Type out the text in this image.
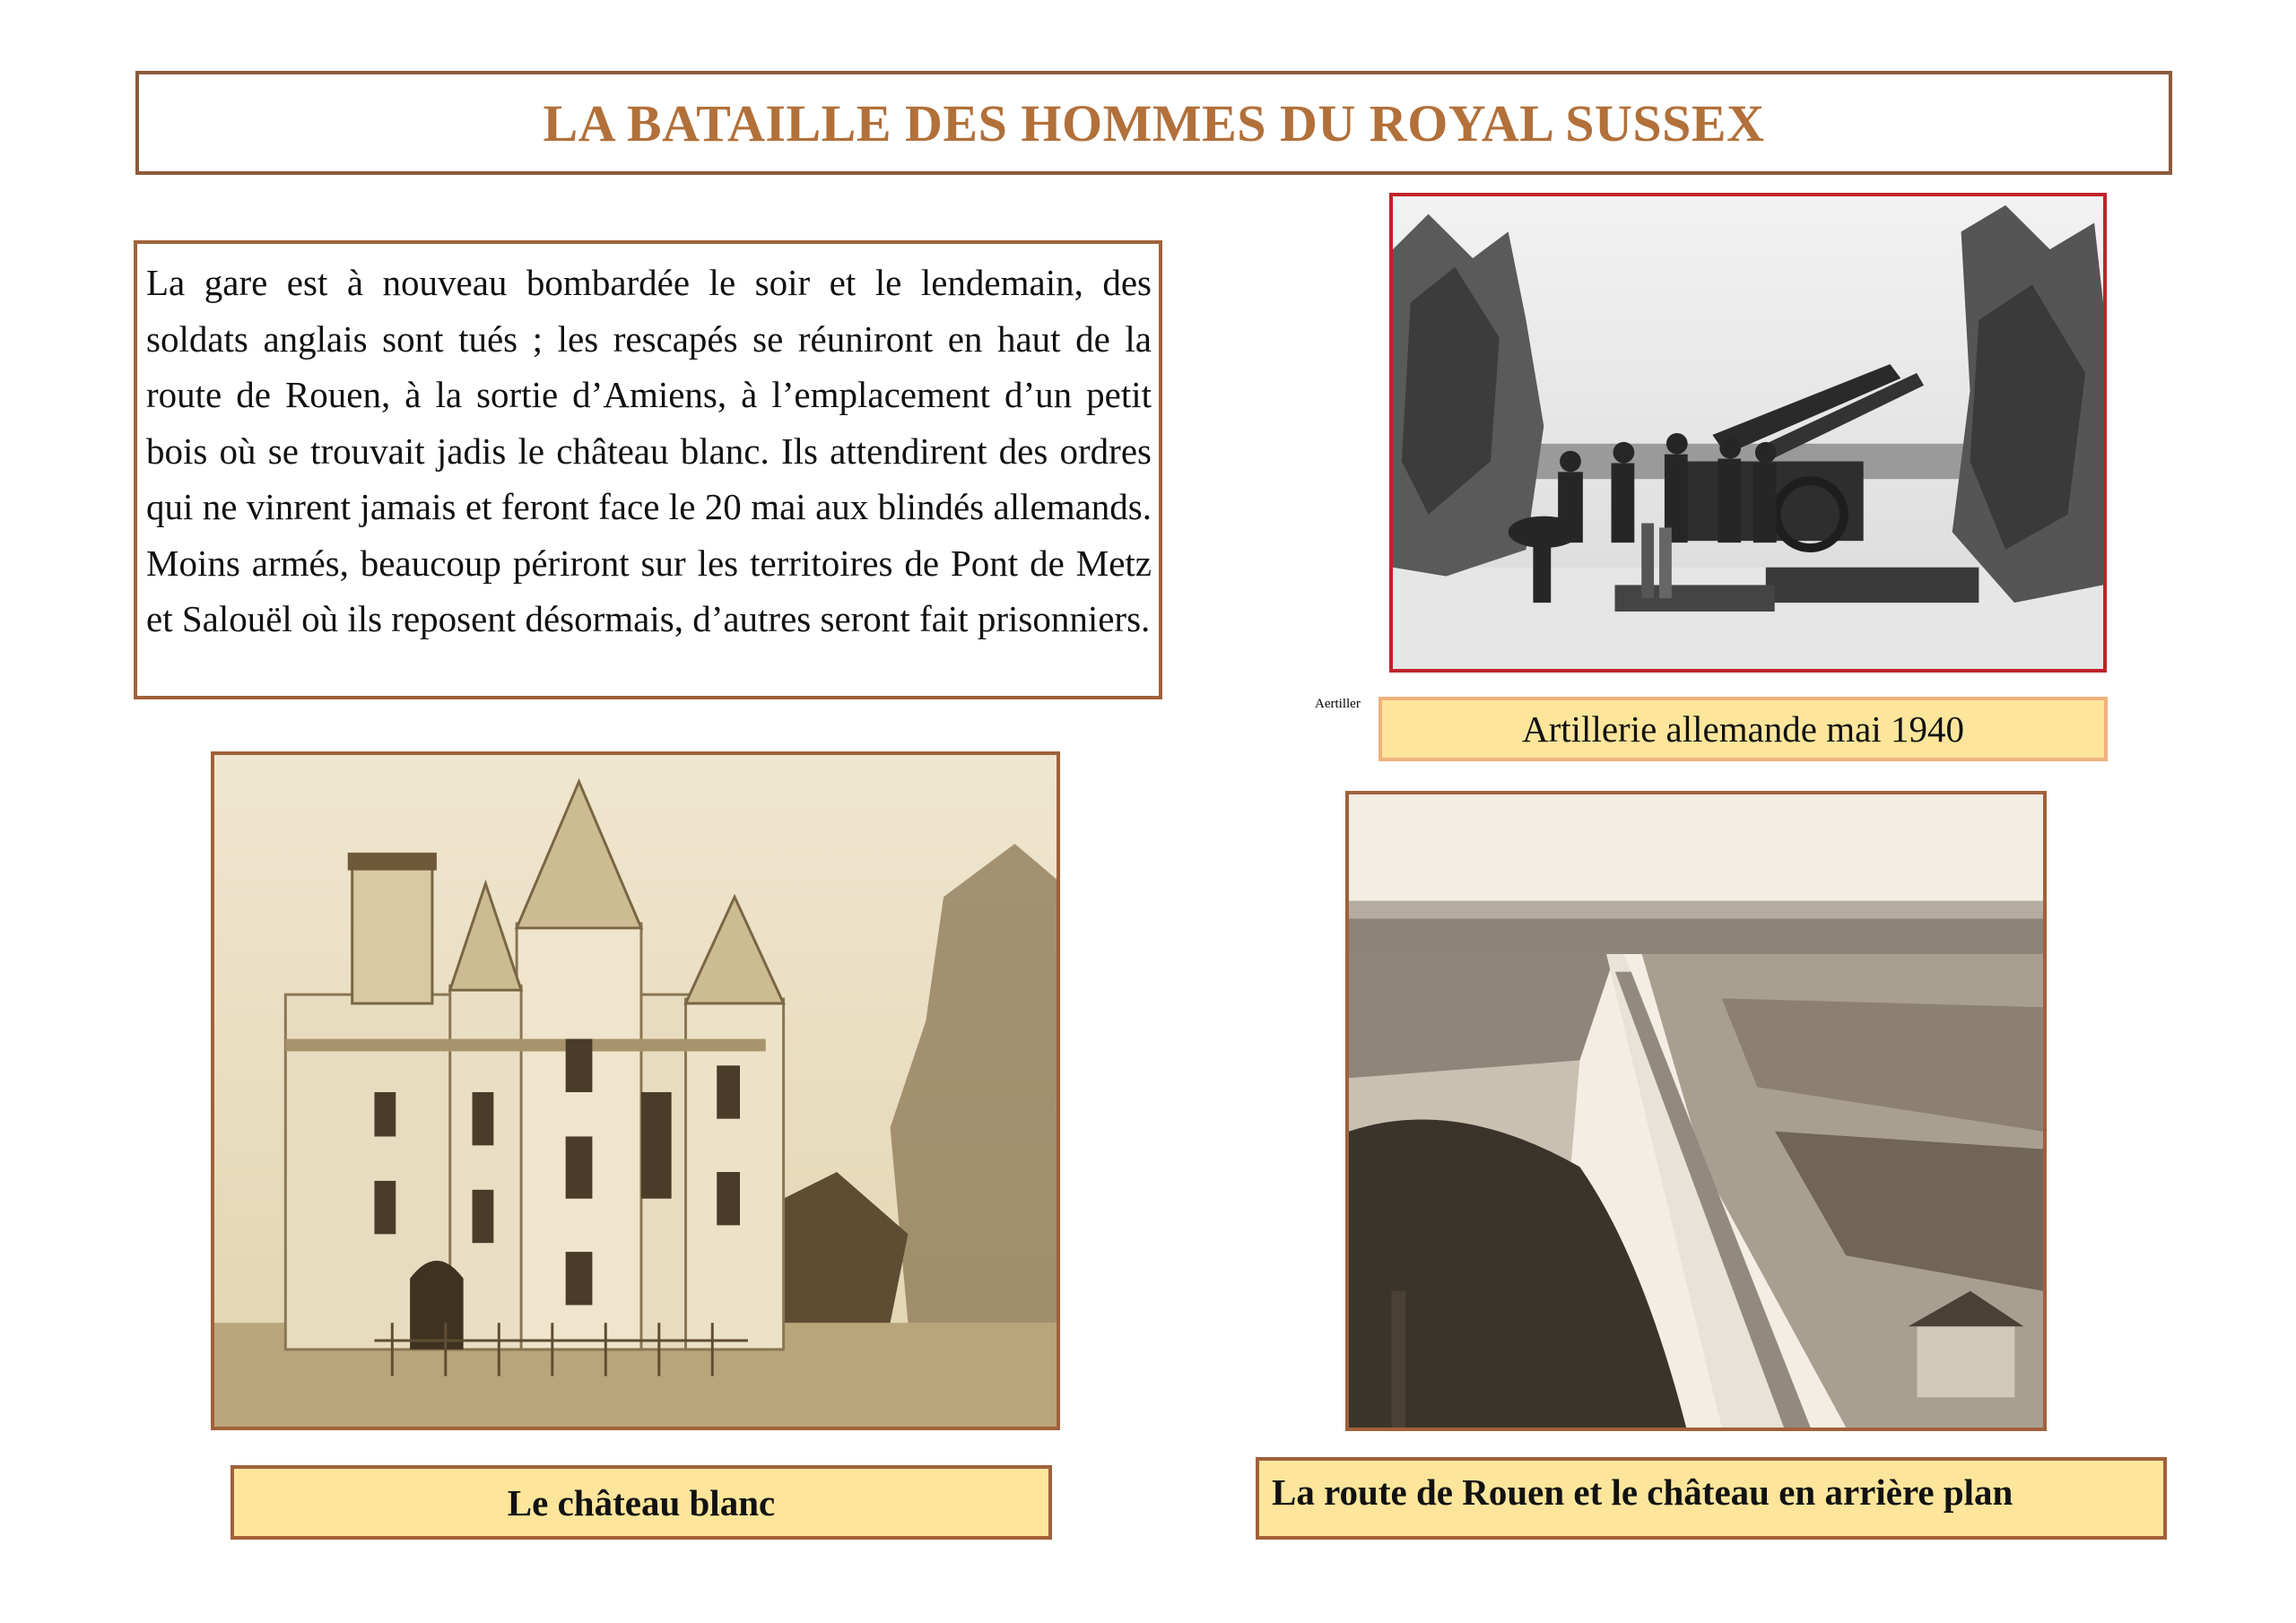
LA BATAILLE DES HOMMES DU ROYAL SUSSEX

La gare est à nouveau bombardée le soir et le lendemain, des soldats anglais sont tués ; les rescapés se réuniront en haut de la route de Rouen, à la sortie d’Amiens, à l’emplacement d’un petit bois où se trouvait jadis le château blanc. Ils attendirent des ordres qui ne vinrent jamais et feront face le 20 mai aux blindés allemands. Moins armés, beaucoup périront sur les territoires de Pont de Metz et Salouël où ils reposent désormais, d’autres seront fait prisonniers.

Aertiller
Artillerie allemande mai 1940
Le château blanc	La route de Rouen et le château en arrière plan
